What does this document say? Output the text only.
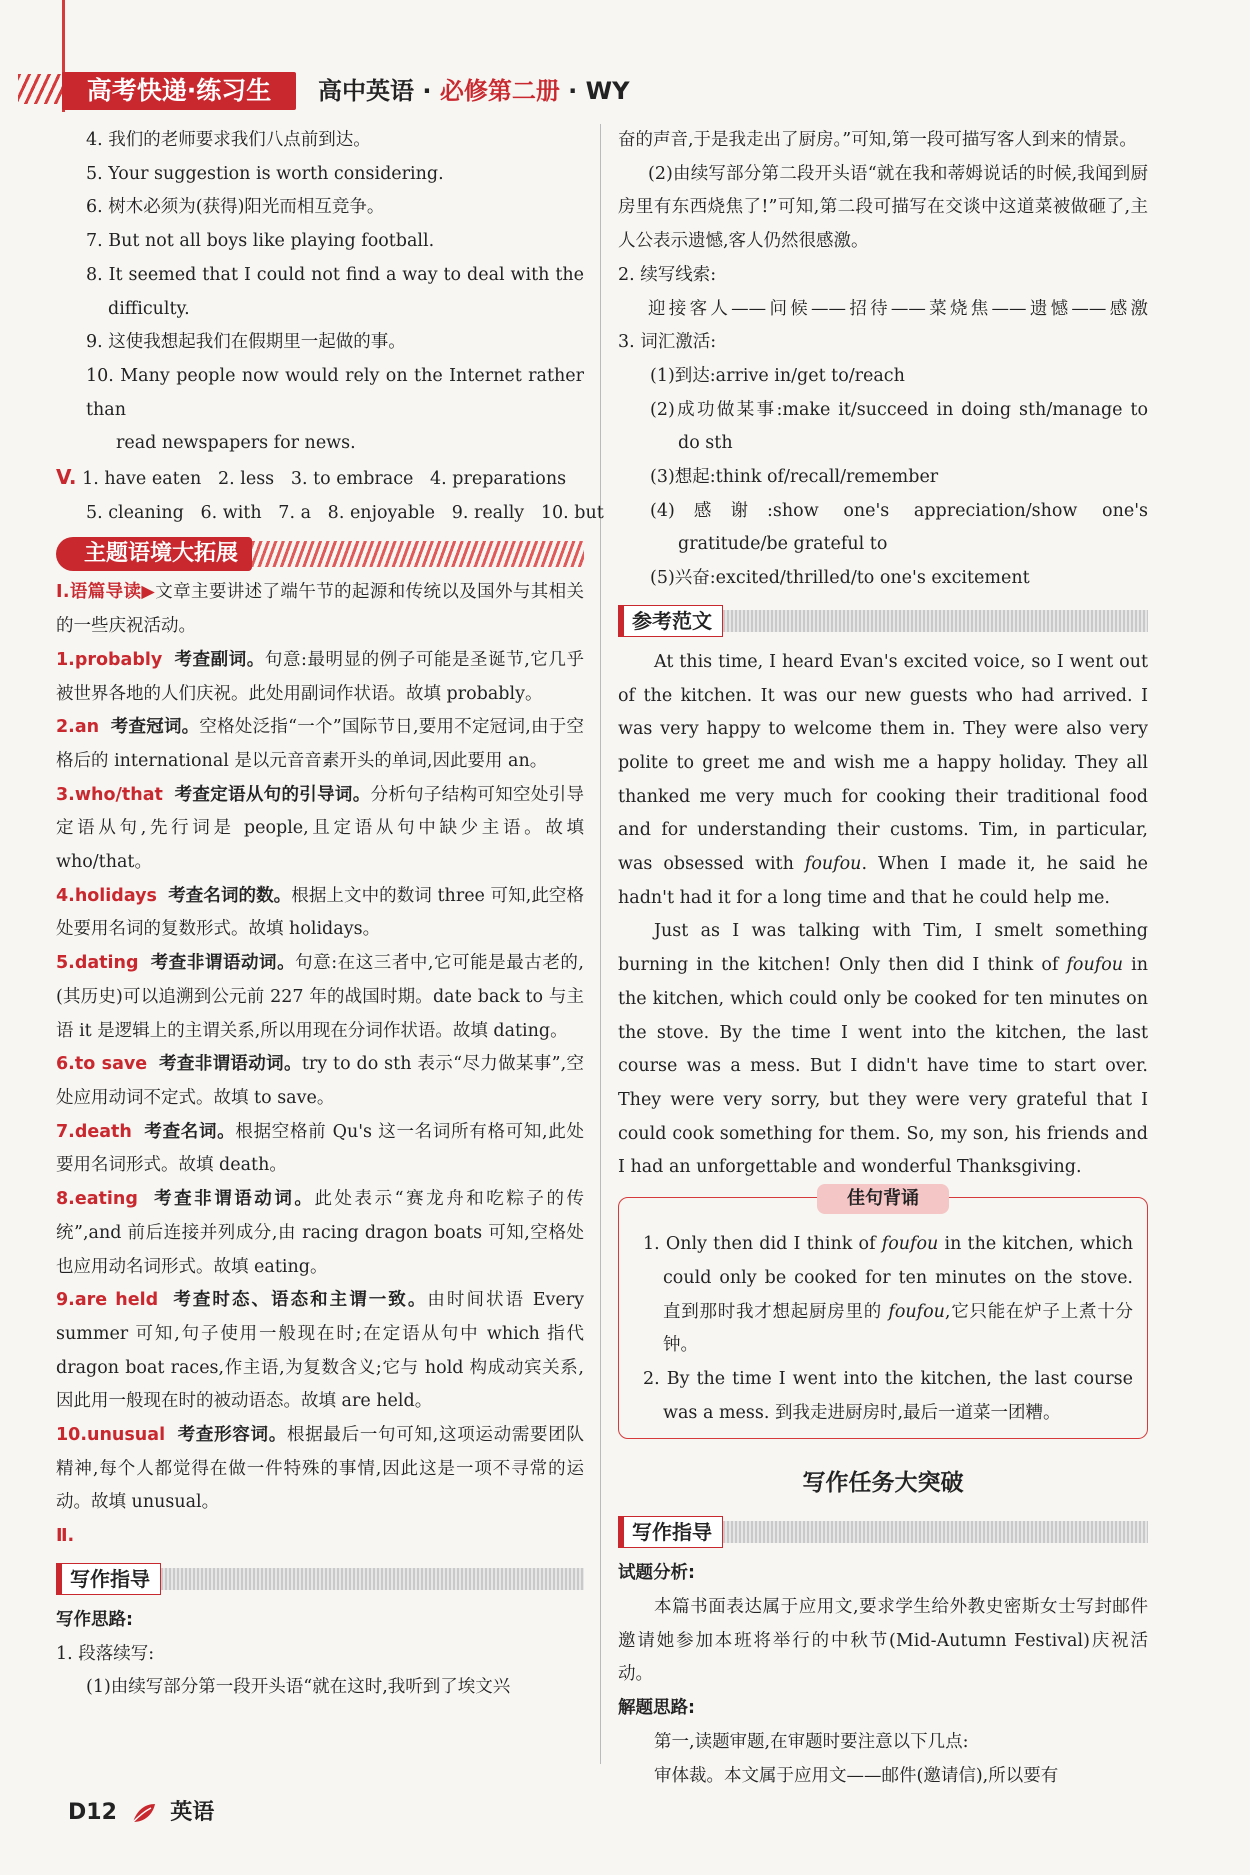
高考快递·练习生	高中英语 · 必修第二册 · WY

4. 我们的老师要求我们八点前到达。

5. Your suggestion is worth considering.

6. 树木必须为(获得)阳光而相互竞争。

7. But not all boys like playing football.

8. It seemed that I could not find a way to deal with the

difficulty.

9. 这使我想起我们在假期里一起做的事。

10. Many people now would rely on the Internet rather than

read newspapers for news.

V. 1. have eaten   2. less   3. to embrace   4. preparations

5. cleaning   6. with   7. a   8. enjoyable   9. really   10. but

主题语境大拓展

Ⅰ.语篇导读▶文章主要讲述了端午节的起源和传统以及国外与其相关的一些庆祝活动。

1.probably 考查副词。句意:最明显的例子可能是圣诞节,它几乎被世界各地的人们庆祝。此处用副词作状语。故填 probably。

2.an 考查冠词。空格处泛指“一个”国际节日,要用不定冠词,由于空格后的 international 是以元音音素开头的单词,因此要用 an。

3.who/that 考查定语从句的引导词。分析句子结构可知空处引导定语从句,先行词是 people,且定语从句中缺少主语。故填 who/that。

4.holidays 考查名词的数。根据上文中的数词 three 可知,此空格处要用名词的复数形式。故填 holidays。

5.dating 考查非谓语动词。句意:在这三者中,它可能是最古老的,(其历史)可以追溯到公元前 227 年的战国时期。date back to 与主语 it 是逻辑上的主谓关系,所以用现在分词作状语。故填 dating。

6.to save 考查非谓语动词。try to do sth 表示“尽力做某事”,空处应用动词不定式。故填 to save。

7.death 考查名词。根据空格前 Qu's 这一名词所有格可知,此处要用名词形式。故填 death。

8.eating 考查非谓语动词。此处表示“赛龙舟和吃粽子的传统”,and 前后连接并列成分,由 racing dragon boats 可知,空格处也应用动名词形式。故填 eating。

9.are held 考查时态、语态和主谓一致。由时间状语 Every summer 可知,句子使用一般现在时;在定语从句中 which 指代 dragon boat races,作主语,为复数含义;它与 hold 构成动宾关系,因此用一般现在时的被动语态。故填 are held。

10.unusual 考查形容词。根据最后一句可知,这项运动需要团队精神,每个人都觉得在做一件特殊的事情,因此这是一项不寻常的运动。故填 unusual。

Ⅱ.

写作指导

写作思路:

1. 段落续写:

(1)由续写部分第一段开头语“就在这时,我听到了埃文兴

奋的声音,于是我走出了厨房。”可知,第一段可描写客人到来的情景。

(2)由续写部分第二段开头语“就在我和蒂姆说话的时候,我闻到厨房里有东西烧焦了!”可知,第二段可描写在交谈中这道菜被做砸了,主人公表示遗憾,客人仍然很感激。

2. 续写线索:

迎接客人——问候——招待——菜烧焦——遗憾——感激

3. 词汇激活:

(1)到达:arrive in/get to/reach

(2)成功做某事:make it/succeed in doing sth/manage to do sth

(3)想起:think of/recall/remember

(4)感谢:show one's appreciation/show one's gratitude/be grateful to

(5)兴奋:excited/thrilled/to one's excitement

参考范文

At this time, I heard Evan's excited voice, so I went out of the kitchen. It was our new guests who had arrived. I was very happy to welcome them in. They were also very polite to greet me and wish me a happy holiday. They all thanked me very much for cooking their traditional food and for understanding their customs. Tim, in particular, was obsessed with foufou. When I made it, he said he hadn't had it for a long time and that he could help me.

Just as I was talking with Tim, I smelt something burning in the kitchen! Only then did I think of foufou in the kitchen, which could only be cooked for ten minutes on the stove. By the time I went into the kitchen, the last course was a mess. But I didn't have time to start over. They were very sorry, but they were very grateful that I could cook something for them. So, my son, his friends and I had an unforgettable and wonderful Thanksgiving.

佳句背诵

1. Only then did I think of foufou in the kitchen, which could only be cooked for ten minutes on the stove. 直到那时我才想起厨房里的 foufou,它只能在炉子上煮十分钟。

2. By the time I went into the kitchen, the last course was a mess. 到我走进厨房时,最后一道菜一团糟。

写作任务大突破
写作指导

试题分析:

本篇书面表达属于应用文,要求学生给外教史密斯女士写封邮件邀请她参加本班将举行的中秋节(Mid-Autumn Festival)庆祝活动。

解题思路:

第一,读题审题,在审题时要注意以下几点:

审体裁。本文属于应用文——邮件(邀请信),所以要有

D12 英语
